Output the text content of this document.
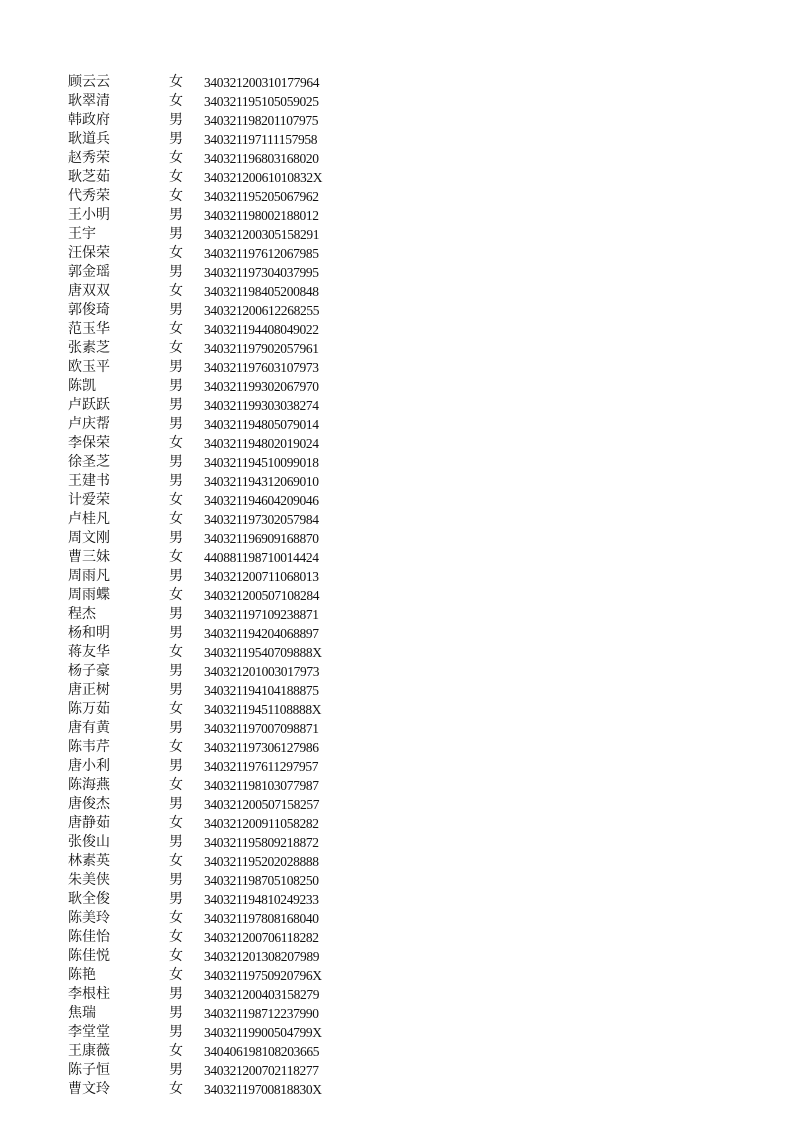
顾云云	女	340321200310177964
耿翠清	女	340321195105059025
韩政府	男	340321198201107975
耿道兵	男	340321197111157958
赵秀荣	女	340321196803168020
耿芝茹	女	34032120061010832X
代秀荣	女	340321195205067962
王小明	男	340321198002188012
王宇	男	340321200305158291
汪保荣	女	340321197612067985
郭金瑶	男	340321197304037995
唐双双	女	340321198405200848
郭俊琦	男	340321200612268255
范玉华	女	340321194408049022
张素芝	女	340321197902057961
欧玉平	男	340321197603107973
陈凯	男	340321199302067970
卢跃跃	男	340321199303038274
卢庆帮	男	340321194805079014
李保荣	女	340321194802019024
徐圣芝	男	340321194510099018
王建书	男	340321194312069010
计爱荣	女	340321194604209046
卢桂凡	女	340321197302057984
周文刚	男	340321196909168870
曹三妹	女	440881198710014424
周雨凡	男	340321200711068013
周雨蝶	女	340321200507108284
程杰	男	340321197109238871
杨和明	男	340321194204068897
蒋友华	女	34032119540709888X
杨子豪	男	340321201003017973
唐正树	男	340321194104188875
陈万茹	女	34032119451108888X
唐有黄	男	340321197007098871
陈韦芹	女	340321197306127986
唐小利	男	340321197611297957
陈海燕	女	340321198103077987
唐俊杰	男	340321200507158257
唐静茹	女	340321200911058282
张俊山	男	340321195809218872
林素英	女	340321195202028888
朱美侠	男	340321198705108250
耿全俊	男	340321194810249233
陈美玲	女	340321197808168040
陈佳怡	女	340321200706118282
陈佳悦	女	340321201308207989
陈艳	女	34032119750920796X
李根柱	男	340321200403158279
焦瑞	男	340321198712237990
李堂堂	男	34032119900504799X
王康薇	女	340406198108203665
陈子恒	男	340321200702118277
曹文玲	女	34032119700818830X
